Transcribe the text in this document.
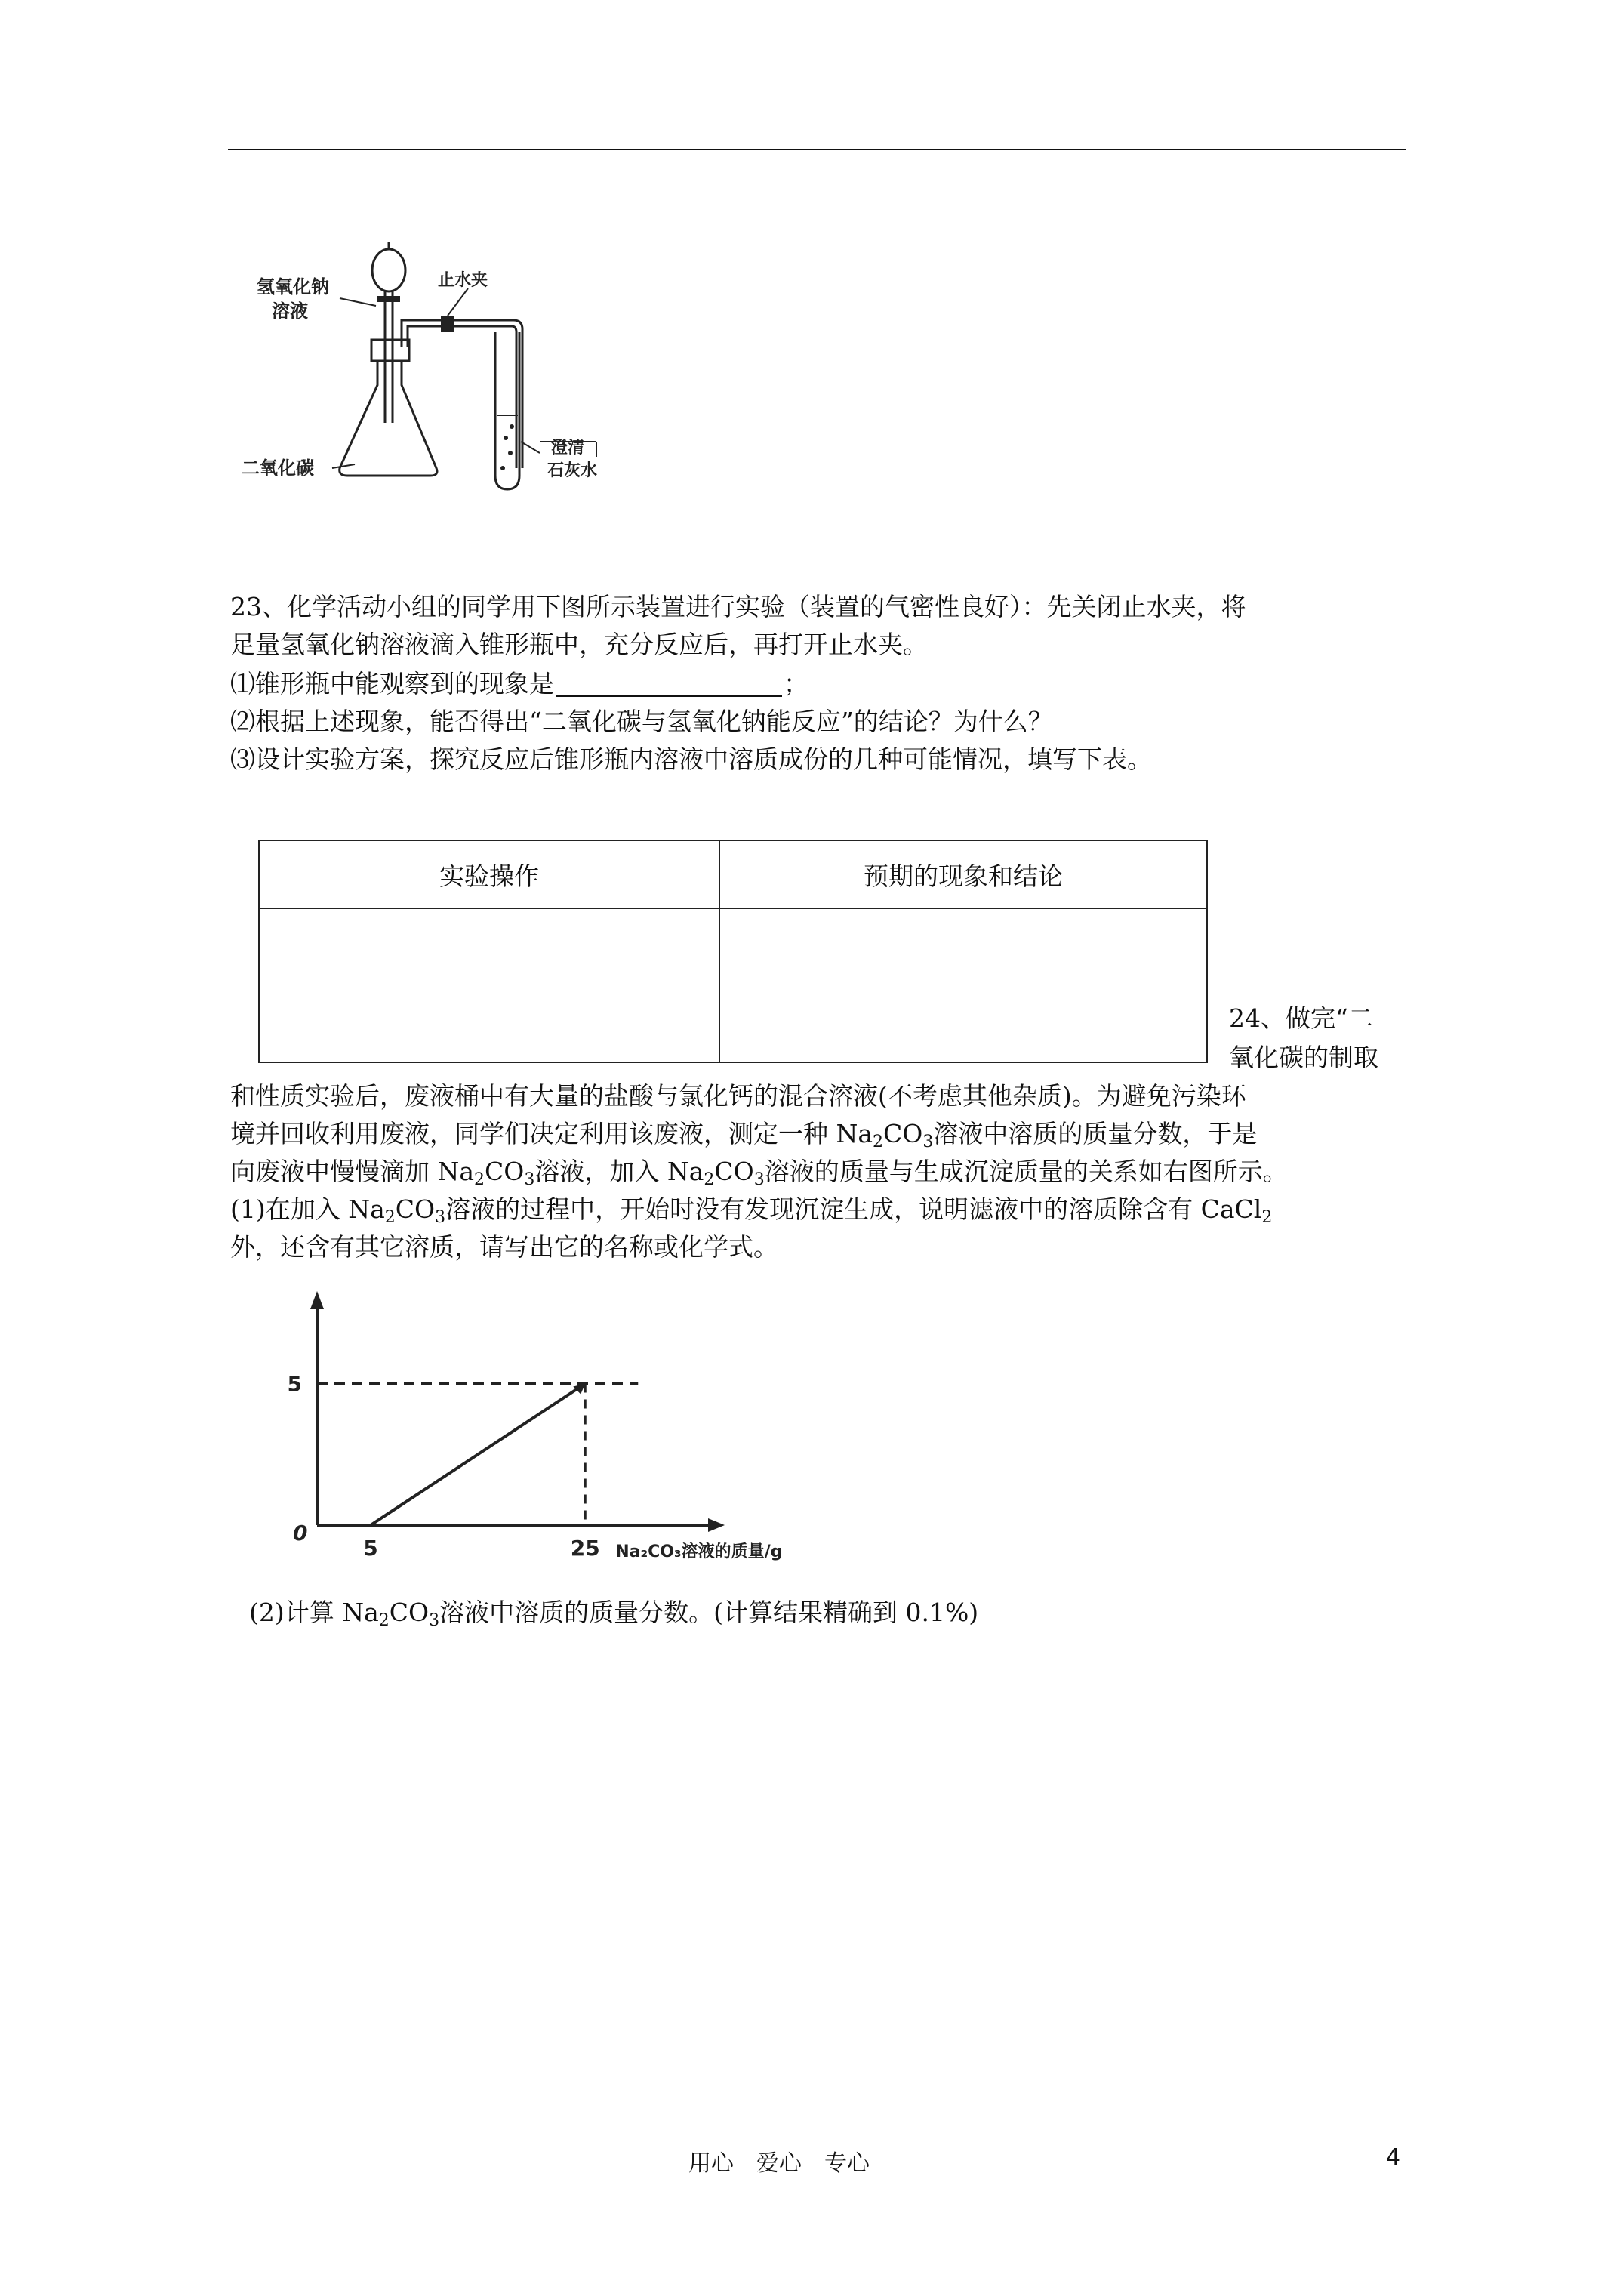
氢氧化钠
溶液
止水夹
二氧化碳
澄清
石灰水
23、化学活动小组的同学用下图所示装置进行实验（装置的气密性良好）：先关闭止水夹，将
足量氢氧化钠溶液滴入锥形瓶中，充分反应后，再打开止水夹。
⑴锥形瓶中能观察到的现象是	；
⑵根据上述现象，能否得出“二氧化碳与氢氧化钠能反应”的结论？为什么？
⑶设计实验方案，探究反应后锥形瓶内溶液中溶质成份的几种可能情况，填写下表。
实验操作	预期的现象和结论

24、做完“二
氧化碳的制取
和性质实验后，废液桶中有大量的盐酸与氯化钙的混合溶液(不考虑其他杂质)。为避免污染环
境并回收利用废液，同学们决定利用该废液，测定一种 $Na_2CO_3$溶液中溶质的质量分数，于是
向废液中慢慢滴加 $Na_2CO_3$溶液，加入 $Na_2CO_3$溶液的质量与生成沉淀质量的关系如右图所示。
(1)在加入 $Na_2CO_3$溶液的过程中，开始时没有发现沉淀生成，说明滤液中的溶质除含有 CaCl$_2$
外，还含有其它溶质，请写出它的名称或化学式。
0
5	25
5
Na₂CO₃溶液的质量/g
(2)计算 $Na_2CO_3$溶液中溶质的质量分数。(计算结果精确到 0.1%)
用心　爱心　专心	4
